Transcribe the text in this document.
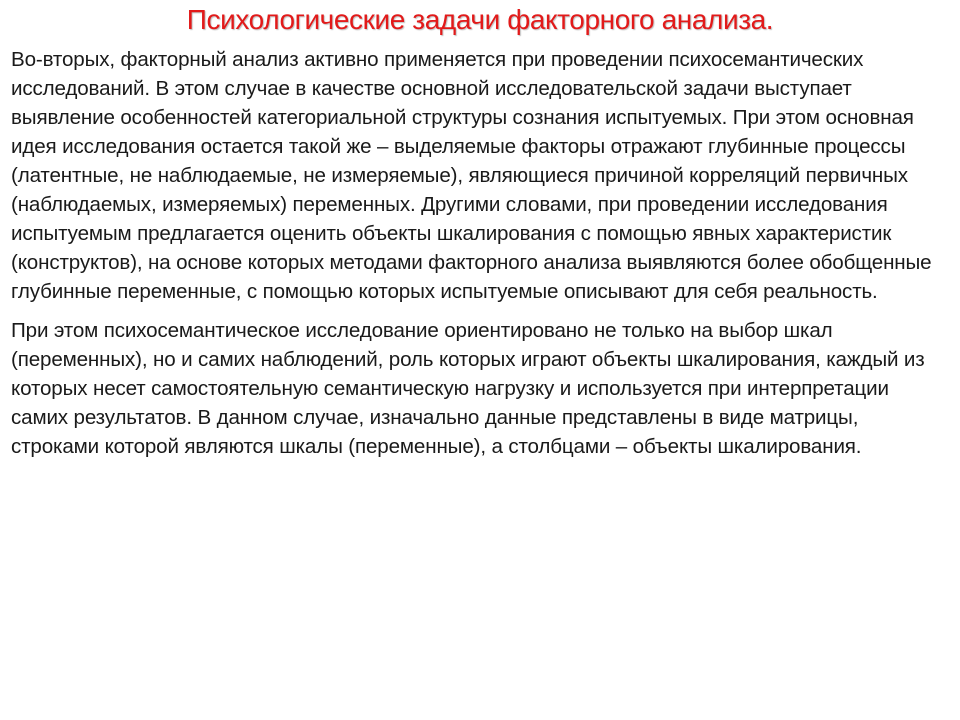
Психологические задачи факторного анализа.

Во-вторых, факторный анализ активно применяется при проведении психосемантических исследований. В этом случае в качестве основной исследовательской задачи выступает выявление особенностей категориальной структуры сознания испытуемых. При этом основная идея исследования остается такой же – выделяемые факторы отражают глубинные процессы (латентные, не наблюдаемые, не измеряемые), являющиеся причиной корреляций первичных (наблюдаемых, измеряемых) переменных. Другими словами, при проведении исследования испытуемым предлагается оценить объекты шкалирования с помощью явных характеристик (конструктов), на основе которых методами факторного анализа выявляются более обобщенные глубинные переменные, с помощью которых испытуемые описывают для себя реальность.

При этом психосемантическое исследование ориентировано не только на выбор шкал (переменных), но и самих наблюдений, роль которых играют объекты шкалирования, каждый из которых несет самостоятельную семантическую нагрузку и используется при интерпретации самих результатов. В данном случае, изначально данные представлены в виде матрицы, строками которой являются шкалы (переменные), а столбцами – объекты шкалирования.
